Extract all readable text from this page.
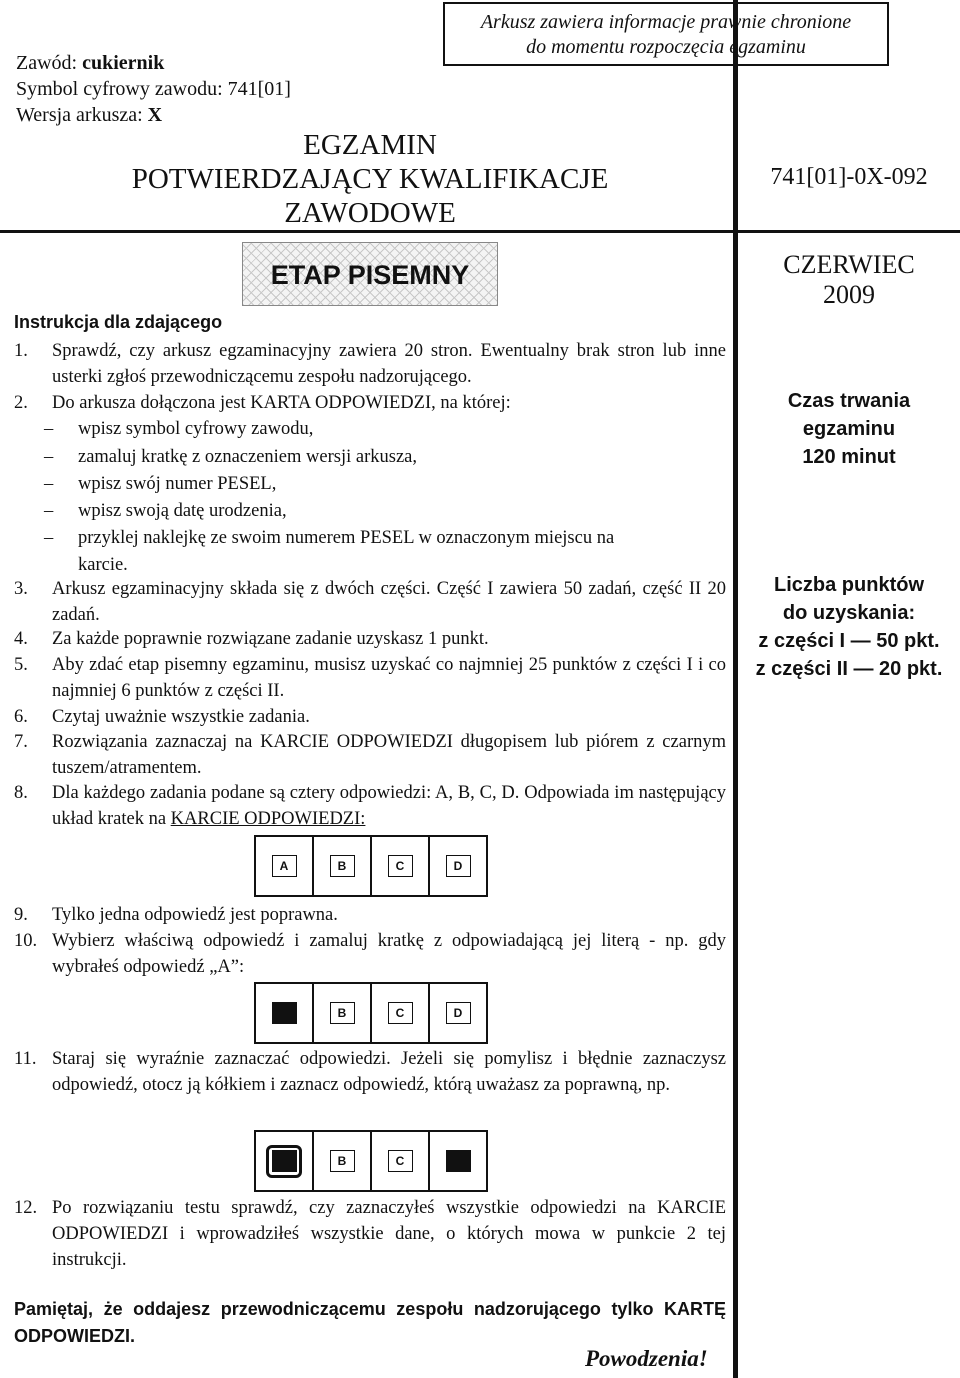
Arkusz zawiera informacje prawnie chronione
do momentu rozpoczęcia egzaminu
Zawód: cukiernik
Symbol cyfrowy zawodu: 741[01]
Wersja arkusza: X
EGZAMIN
POTWIERDZAJĄCY KWALIFIKACJE
ZAWODOWE
741[01]-0X-092
ETAP PISEMNY	CZERWIEC
2009
Czas trwania
egzaminu
120 minut
Liczba punktów
do uzyskania:
z części I — 50 pkt.
z części II — 20 pkt.
Instrukcja dla zdającego
1. Sprawdź, czy arkusz egzaminacyjny zawiera 20 stron. Ewentualny brak stron lub inne usterki zgłoś przewodniczącemu zespołu nadzorującego.
2. Do arkusza dołączona jest KARTA ODPOWIEDZI, na której:
– wpisz symbol cyfrowy zawodu,
– zamaluj kratkę z oznaczeniem wersji arkusza,
– wpisz swój numer PESEL,
– wpisz swoją datę urodzenia,
– przyklej naklejkę ze swoim numerem PESEL w oznaczonym miejscu na
karcie.
3. Arkusz egzaminacyjny składa się z dwóch części. Część I zawiera 50 zadań, część II 20 zadań.
4. Za każde poprawnie rozwiązane zadanie uzyskasz 1 punkt.
5. Aby zdać etap pisemny egzaminu, musisz uzyskać co najmniej 25 punktów z części I i co najmniej 6 punktów z części II.
6. Czytaj uważnie wszystkie zadania.
7. Rozwiązania zaznaczaj na KARCIE ODPOWIEDZI długopisem lub piórem z czarnym tuszem/atramentem.
8. Dla każdego zadania podane są cztery odpowiedzi: A, B, C, D. Odpowiada im następujący układ kratek na KARCIE ODPOWIEDZI:
A	B	C	D
9. Tylko jedna odpowiedź jest poprawna.
10. Wybierz właściwą odpowiedź i zamaluj kratkę z odpowiadającą jej literą - np. gdy wybrałeś odpowiedź „A”:
B	C	D
11. Staraj się wyraźnie zaznaczać odpowiedzi. Jeżeli się pomylisz i błędnie zaznaczysz odpowiedź, otocz ją kółkiem i zaznacz odpowiedź, którą uważasz za poprawną, np.
B	C
12. Po rozwiązaniu testu sprawdź, czy zaznaczyłeś wszystkie odpowiedzi na KARCIE ODPOWIEDZI i wprowadziłeś wszystkie dane, o których mowa w punkcie 2 tej instrukcji.
Pamiętaj, że oddajesz przewodniczącemu zespołu nadzorującego tylko KARTĘ ODPOWIEDZI.
Powodzenia!
